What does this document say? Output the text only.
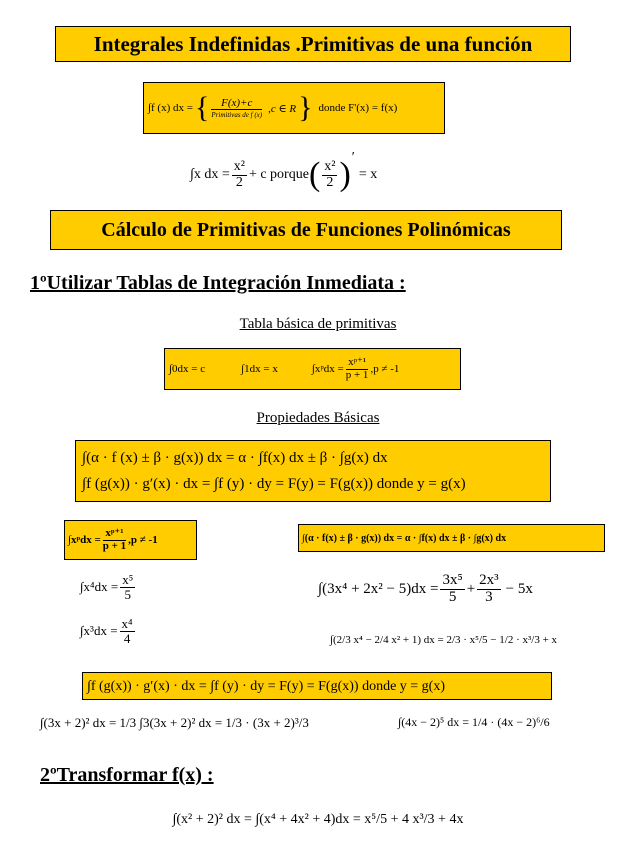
Integrales Indefinidas .Primitivas de una función
∫f (x) dx = { F(x)+c
Primitivas de f (x)
,c ∈ R } donde F'(x) = f(x)
∫x dx = $\frac{\text{x²}}{2} + c$ porque ( $\frac{\text{x²}}{2}$ ) ′
= x
Cálculo de Primitivas de Funciones Polinómicas
1ºUtilizar Tablas de Integración Inmediata :
Tabla básica de primitivas
∫0dx = c	∫1dx = x	∫xᵖdx = $\frac{\text{xᵖ⁺¹}}{p + 1} ,p \ne -1$
Propiedades Básicas
∫(α · f (x) ± β · g(x)) dx = α · ∫f(x) dx ± β · ∫g(x) dx
∫f (g(x)) · g′(x) · dx = ∫f (y) · dy = F(y) = F(g(x)) donde y = g(x)
∫xᵖdx = $\frac{\text{xᵖ⁺¹}}{p + 1} ,p \ne -1$	∫(α · f(x) ± β · g(x)) dx = α · ∫f(x) dx ± β · ∫g(x) dx
$\int x^4dx = \frac{\text{x⁵}}{5}$
$\int x^3dx = \frac{\text{x⁴}}{4}$
$\int(3x^4 + 2x^2 - 5)dx = \frac{\text{3x⁵}}{5} + \frac{\text{2x³}}{3} - 5x$
∫(2/3 x⁴ − 2/4 x² + 1) dx = 2/3 · x⁵/5 − 1/2 · x³/3 + x
∫f (g(x)) · g′(x) · dx = ∫f (y) · dy = F(y) = F(g(x)) donde y = g(x)
∫(3x + 2)² dx = 1/3 ∫3(3x + 2)² dx = 1/3 · (3x + 2)³/3	∫(4x − 2)⁵ dx = 1/4 · (4x − 2)⁶/6
2ºTransformar f(x) :
∫(x² + 2)² dx = ∫(x⁴ + 4x² + 4)dx = x⁵/5 + 4 x³/3 + 4x
